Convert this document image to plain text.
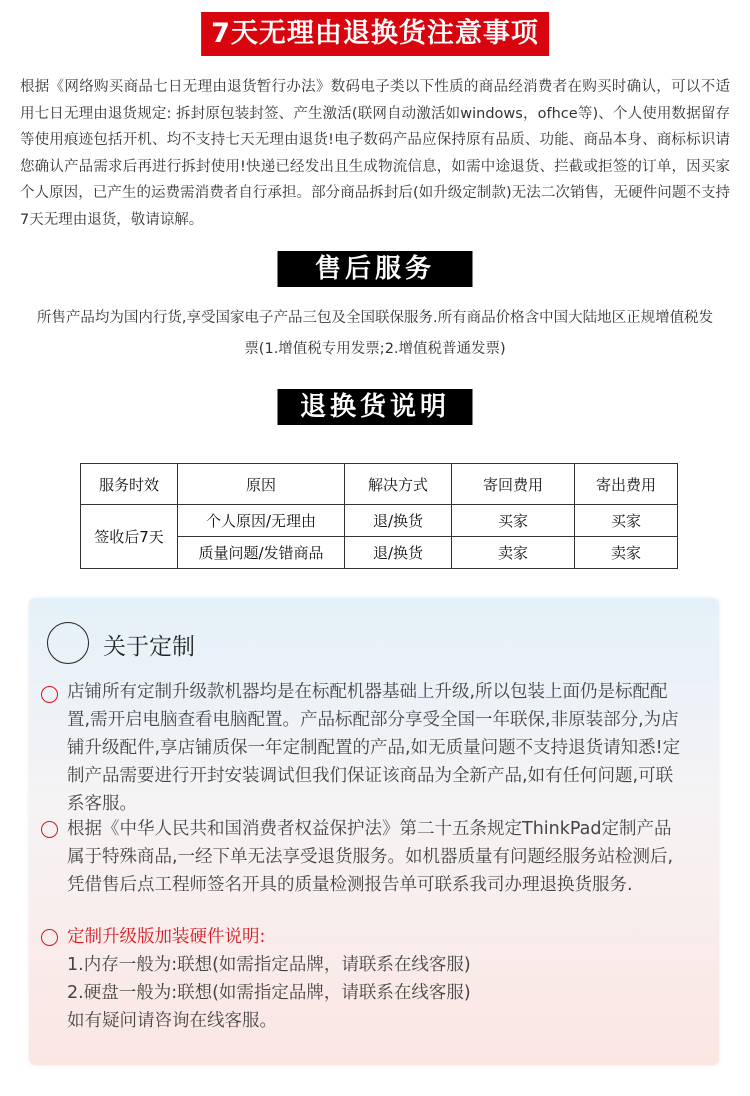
7天无理由退换货注意事项
根据《网络购买商品七日无理由退货暂行办法》数码电子类以下性质的商品经消费者在购买时确认，可以不适用七日无理由退货规定: 拆封原包装封签、产生激活(联网自动激活如windows，ofhce等)、个人使用数据留存等使用痕迹包括开机、均不支持七天无理由退货!电子数码产品应保持原有品质、功能、商品本身、商标标识请您确认产品需求后再进行拆封使用!快递已经发出且生成物流信息，如需中途退货、拦截或拒签的订单，因买家个人原因，已产生的运费需消费者自行承担。部分商品拆封后(如升级定制款)无法二次销售，无硬件问题不支持7天无理由退货，敬请谅解。
售后服务
所售产品均为国内行货,享受国家电子产品三包及全国联保服务.所有商品价格含中国大陆地区正规增值税发
票(1.增值税专用发票;2.增值税普通发票)
退换货说明
服务时效	原因	解决方式	寄回费用	寄出费用
签收后7天	个人原因/无理由	退/换货	买家	买家
	质量问题/发错商品	退/换货	卖家	卖家
关于定制
店铺所有定制升级款机器均是在标配机器基础上升级,所以包装上面仍是标配配
置,需开启电脑查看电脑配置。产品标配部分享受全国一年联保,非原装部分,为店
铺升级配件,享店铺质保一年定制配置的产品,如无质量问题不支持退货请知悉!定
制产品需要进行开封安装调试但我们保证该商品为全新产品,如有任何问题,可联
系客服。
根据《中华人民共和国消费者权益保护法》第二十五条规定ThinkPad定制产品
属于特殊商品,一经下单无法享受退货服务。如机器质量有问题经服务站检测后,
凭借售后点工程师签名开具的质量检测报告单可联系我司办理退换货服务.
定制升级版加装硬件说明:
1.内存一般为:联想(如需指定品牌，请联系在线客服)
2.硬盘一般为:联想(如需指定品牌，请联系在线客服)
如有疑问请咨询在线客服。
